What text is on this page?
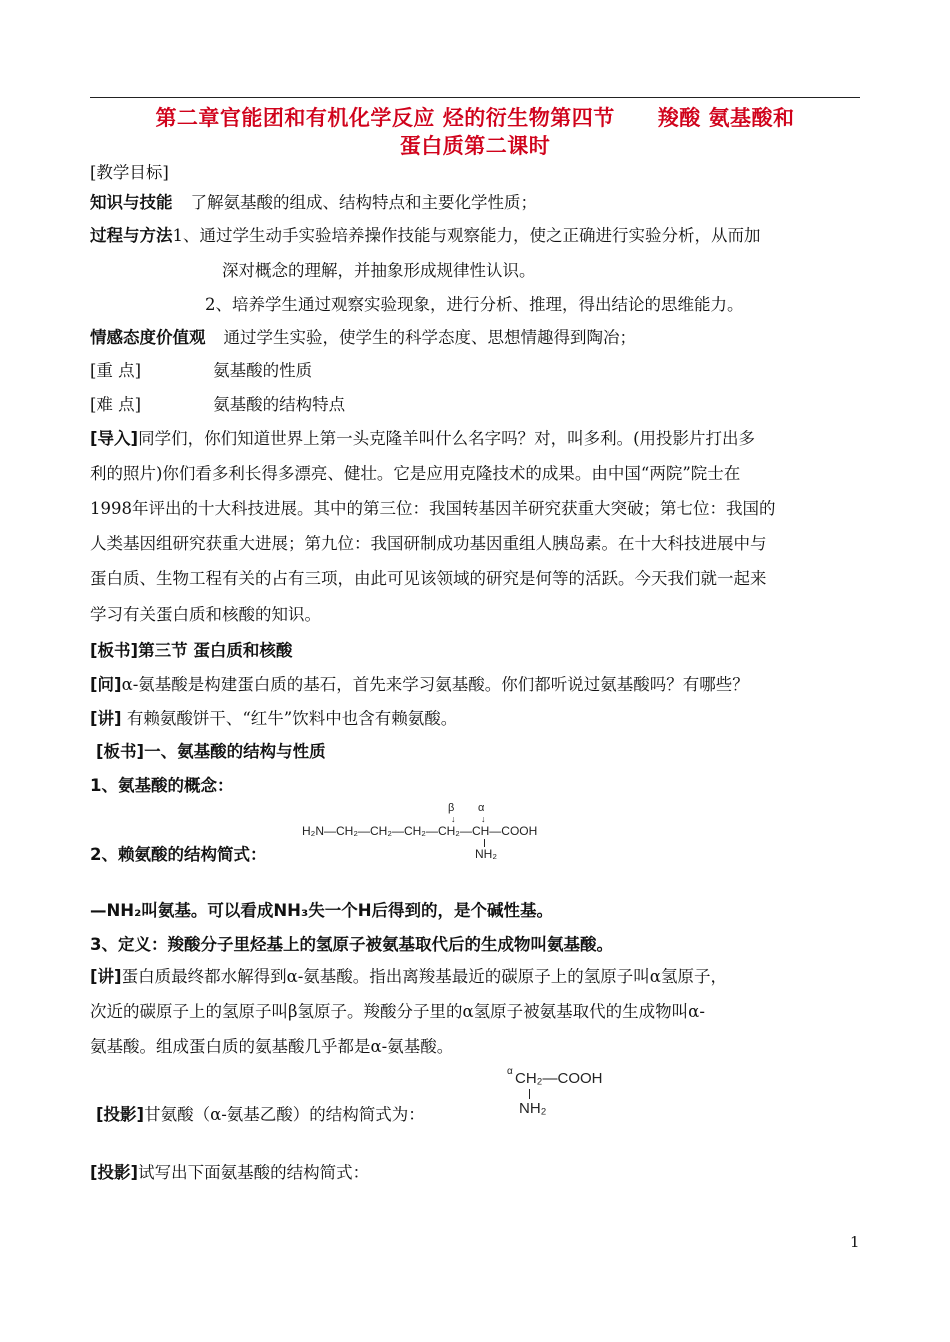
第二章官能团和有机化学反应 烃的衍生物第四节　　羧酸 氨基酸和
蛋白质第二课时
[教学目标]
知识与技能 了解氨基酸的组成、结构特点和主要化学性质；
过程与方法1、通过学生动手实验培养操作技能与观察能力，使之正确进行实验分析，从而加
深对概念的理解，并抽象形成规律性认识。
2、培养学生通过观察实验现象，进行分析、推理，得出结论的思维能力。
情感态度价值观 通过学生实验，使学生的科学态度、思想情趣得到陶冶；
[重 点]	氨基酸的性质
[难 点]	氨基酸的结构特点
[导入]同学们，你们知道世界上第一头克隆羊叫什么名字吗？对，叫多利。(用投影片打出多
利的照片)你们看多利长得多漂亮、健壮。它是应用克隆技术的成果。由中国“两院”院士在
1998年评出的十大科技进展。其中的第三位：我国转基因羊研究获重大突破；第七位：我国的
人类基因组研究获重大进展；第九位：我国研制成功基因重组人胰岛素。在十大科技进展中与
蛋白质、生物工程有关的占有三项，由此可见该领域的研究是何等的活跃。今天我们就一起来
学习有关蛋白质和核酸的知识。
[板书]第三节 蛋白质和核酸
[问]α-氨基酸是构建蛋白质的基石，首先来学习氨基酸。你们都听说过氨基酸吗？有哪些？
[讲] 有赖氨酸饼干、“红牛”饮料中也含有赖氨酸。
[板书]一、氨基酸的结构与性质
1、氨基酸的概念：
β α
↓	↓
H₂N—CH₂—CH₂—CH₂—CH₂—CH—COOH
NH₂
2、赖氨酸的结构简式：
—NH₂叫氨基。可以看成NH₃失一个H后得到的，是个碱性基。
3、定义：羧酸分子里烃基上的氢原子被氨基取代后的生成物叫氨基酸。
[讲]蛋白质最终都水解得到α-氨基酸。指出离羧基最近的碳原子上的氢原子叫α氢原子，
次近的碳原子上的氢原子叫β氢原子。羧酸分子里的α氢原子被氨基取代的生成物叫α-
氨基酸。组成蛋白质的氨基酸几乎都是α-氨基酸。
α CH₂—COOH
NH₂
[投影]甘氨酸（α-氨基乙酸）的结构简式为：
[投影]试写出下面氨基酸的结构简式：
1
